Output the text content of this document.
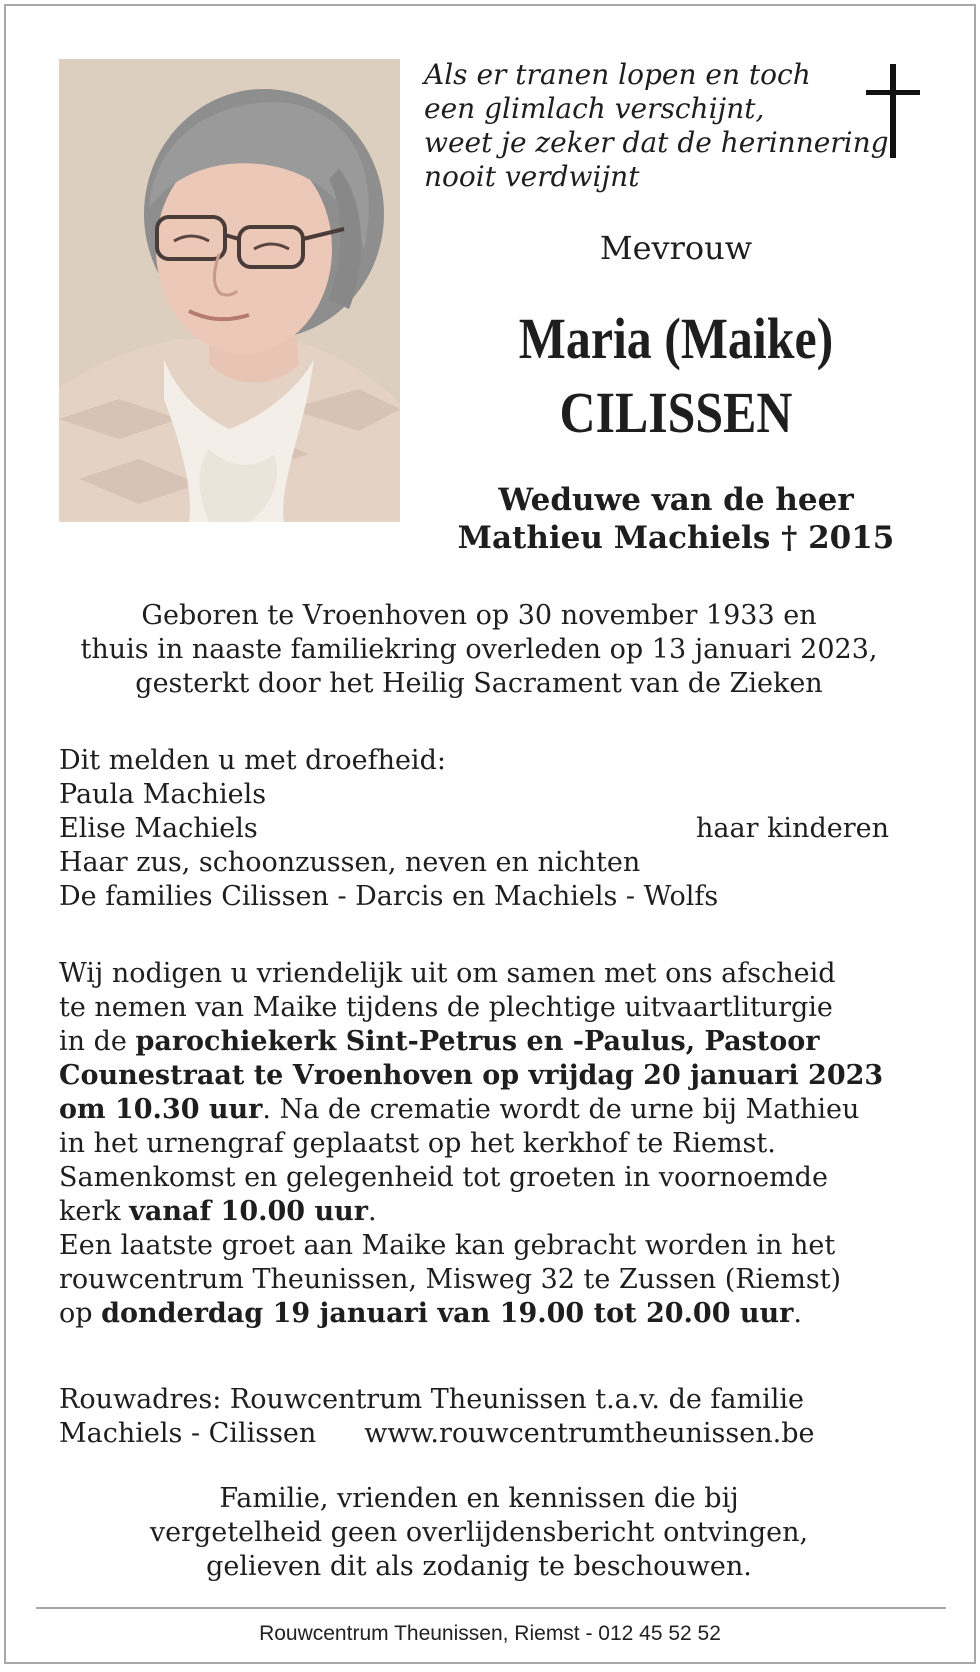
Als er tranen lopen en toch
een glimlach verschijnt,
weet je zeker dat de herinnering
nooit verdwijnt
Mevrouw
Maria (Maike)
CILISSEN
Weduwe van de heer
Mathieu Machiels † 2015
Geboren te Vroenhoven op 30 november 1933 en
thuis in naaste familiekring overleden op 13 januari 2023,
gesterkt door het Heilig Sacrament van de Zieken
Dit melden u met droefheid:
Paula Machiels
Elise Machiels	haar kinderen
Haar zus, schoonzussen, neven en nichten
De families Cilissen - Darcis en Machiels - Wolfs
Wij nodigen u vriendelijk uit om samen met ons afscheid
te nemen van Maike tijdens de plechtige uitvaartliturgie
in de parochiekerk Sint-Petrus en -Paulus, Pastoor
Counestraat te Vroenhoven op vrijdag 20 januari 2023
om 10.30 uur. Na de crematie wordt de urne bij Mathieu
in het urnengraf geplaatst op het kerkhof te Riemst.
Samenkomst en gelegenheid tot groeten in voornoemde
kerk vanaf 10.00 uur.
Een laatste groet aan Maike kan gebracht worden in het
rouwcentrum Theunissen, Misweg 32 te Zussen (Riemst)
op donderdag 19 januari van 19.00 tot 20.00 uur.
Rouwadres: Rouwcentrum Theunissen t.a.v. de familie
Machiels - Cilissen www.rouwcentrumtheunissen.be
Familie, vrienden en kennissen die bij
vergetelheid geen overlijdensbericht ontvingen,
gelieven dit als zodanig te beschouwen.
Rouwcentrum Theunissen, Riemst - 012 45 52 52
